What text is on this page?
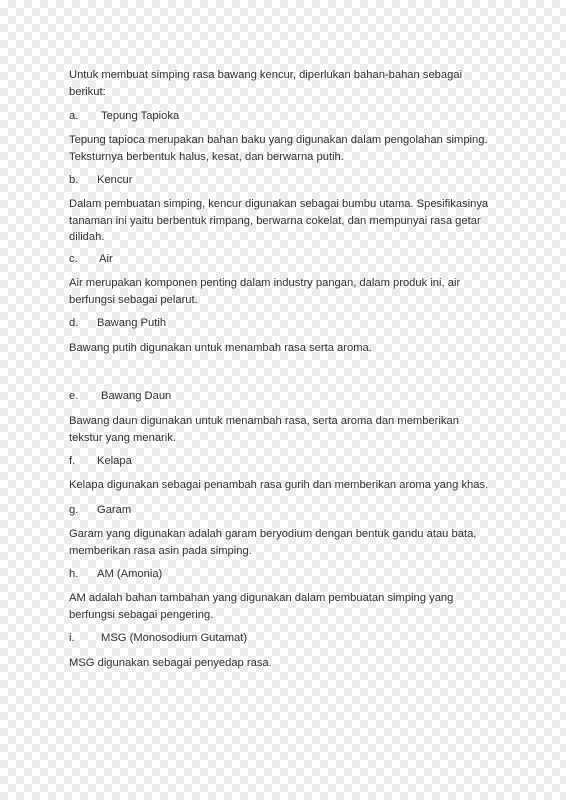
Untuk membuat simping rasa bawang kencur, diperlukan bahan-bahan sebagai
berikut:

a. Tepung Tapioka

Tepung tapioca merupakan bahan baku yang digunakan dalam pengolahan simping.
Teksturnya berbentuk halus, kesat, dan berwarna putih.

b. Kencur

Dalam pembuatan simping, kencur digunakan sebagai bumbu utama. Spesifikasinya
tanaman ini yaitu berbentuk rimpang, berwarna cokelat, dan mempunyai rasa getar
dilidah.

c. Air

Air merupakan komponen penting dalam industry pangan, dalam produk ini, air
berfungsi sebagai pelarut.

d. Bawang Putih

Bawang putih digunakan untuk menambah rasa serta aroma.

e. Bawang Daun

Bawang daun digunakan untuk menambah rasa, serta aroma dan memberikan
tekstur yang menarik.

f. Kelapa

Kelapa digunakan sebagai penambah rasa gurih dan memberikan aroma yang khas.

g. Garam

Garam yang digunakan adalah garam beryodium dengan bentuk gandu atau bata,
memberikan rasa asin pada simping.

h. AM (Amonia)

AM adalah bahan tambahan yang digunakan dalam pembuatan simping yang
berfungsi sebagai pengering.

i. MSG (Monosodium Gutamat)

MSG digunakan sebagai penyedap rasa.
